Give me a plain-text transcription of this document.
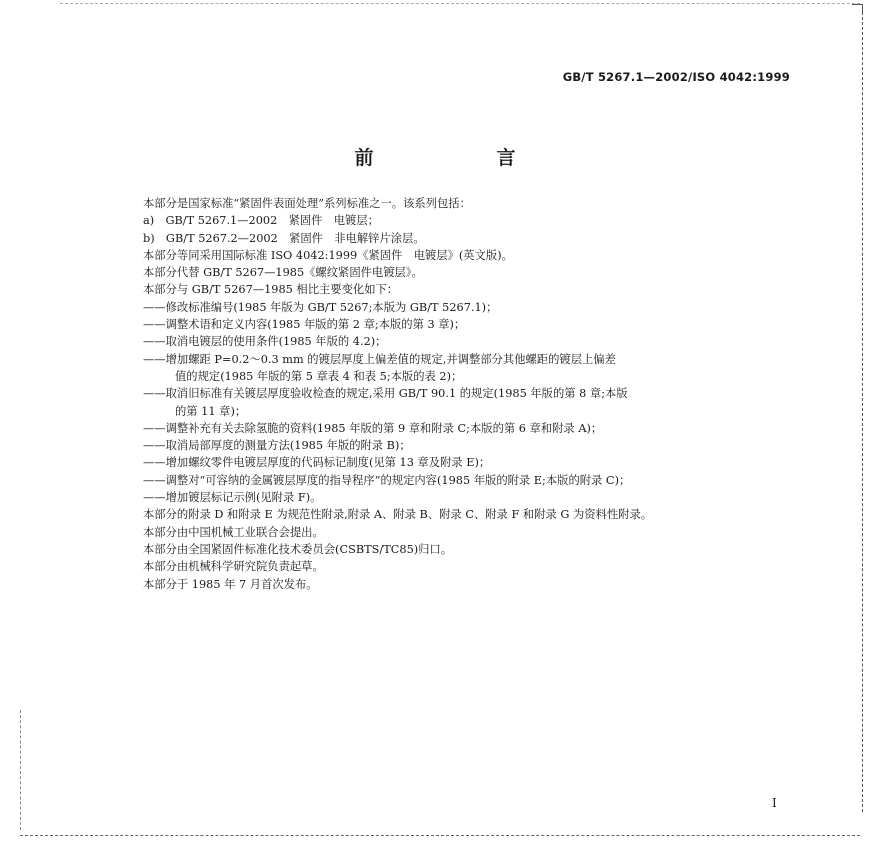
GB/T 5267.1—2002/ISO 4042:1999
前　言
本部分是国家标准“紧固件表面处理”系列标准之一。该系列包括：
a)　GB/T 5267.1—2002　紧固件　电镀层；
b)　GB/T 5267.2—2002　紧固件　非电解锌片涂层。
本部分等同采用国际标准 ISO 4042:1999《紧固件　电镀层》(英文版)。
本部分代替 GB/T 5267—1985《螺纹紧固件电镀层》。
本部分与 GB/T 5267—1985 相比主要变化如下：
——修改标准编号(1985 年版为 GB/T 5267;本版为 GB/T 5267.1)；
——调整术语和定义内容(1985 年版的第 2 章;本版的第 3 章)；
——取消电镀层的使用条件(1985 年版的 4.2)；
——增加螺距 P=0.2～0.3 mm 的镀层厚度上偏差值的规定,并调整部分其他螺距的镀层上偏差
值的规定(1985 年版的第 5 章表 4 和表 5;本版的表 2)；
——取消旧标准有关镀层厚度验收检查的规定,采用 GB/T 90.1 的规定(1985 年版的第 8 章;本版
的第 11 章)；
——调整补充有关去除氢脆的资料(1985 年版的第 9 章和附录 C;本版的第 6 章和附录 A)；
——取消局部厚度的测量方法(1985 年版的附录 B)；
——增加螺纹零件电镀层厚度的代码标记制度(见第 13 章及附录 E)；
——调整对“可容纳的金属镀层厚度的指导程序”的规定内容(1985 年版的附录 E;本版的附录 C)；
——增加镀层标记示例(见附录 F)。
本部分的附录 D 和附录 E 为规范性附录,附录 A、附录 B、附录 C、附录 F 和附录 G 为资料性附录。
本部分由中国机械工业联合会提出。
本部分由全国紧固件标准化技术委员会(CSBTS/TC85)归口。
本部分由机械科学研究院负责起草。
本部分于 1985 年 7 月首次发布。
I
